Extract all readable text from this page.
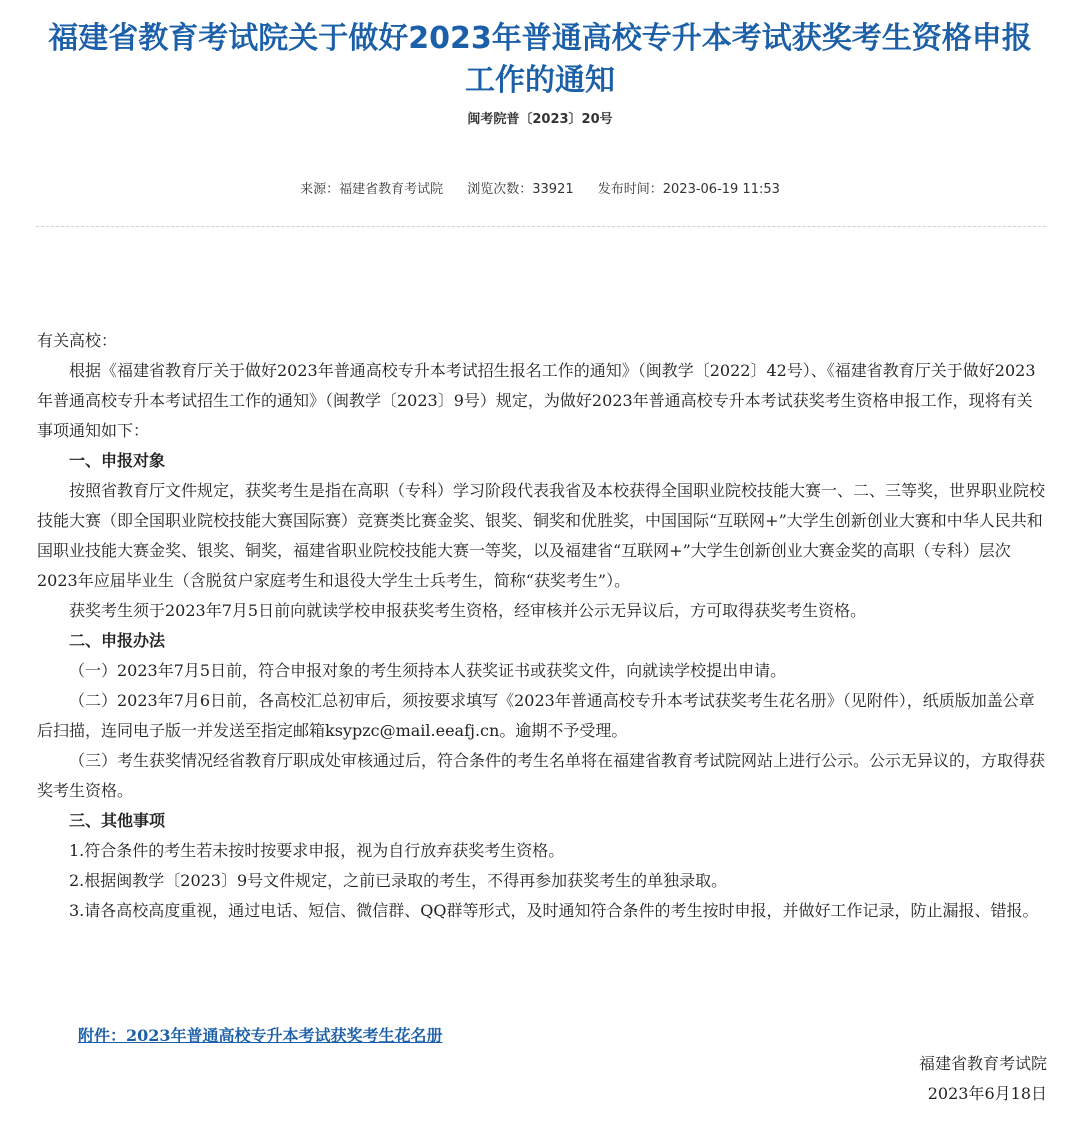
福建省教育考试院关于做好2023年普通高校专升本考试获奖考生资格申报工作的通知
闽考院普〔2023〕20号
来源：福建省教育考试院 浏览次数：33921 发布时间：2023-06-19 11:53

有关高校：

根据《福建省教育厅关于做好2023年普通高校专升本考试招生报名工作的通知》（闽教学〔2022〕42号）、《福建省教育厅关于做好2023年普通高校专升本考试招生工作的通知》（闽教学〔2023〕9号）规定，为做好2023年普通高校专升本考试获奖考生资格申报工作，现将有关事项通知如下：

一、申报对象

按照省教育厅文件规定，获奖考生是指在高职（专科）学习阶段代表我省及本校获得全国职业院校技能大赛一、二、三等奖，世界职业院校技能大赛（即全国职业院校技能大赛国际赛）竞赛类比赛金奖、银奖、铜奖和优胜奖，中国国际“互联网+”大学生创新创业大赛和中华人民共和国职业技能大赛金奖、银奖、铜奖，福建省职业院校技能大赛一等奖，以及福建省“互联网+”大学生创新创业大赛金奖的高职（专科）层次2023年应届毕业生（含脱贫户家庭考生和退役大学生士兵考生，简称“获奖考生”）。

获奖考生须于2023年7月5日前向就读学校申报获奖考生资格，经审核并公示无异议后，方可取得获奖考生资格。

二、申报办法

（一）2023年7月5日前，符合申报对象的考生须持本人获奖证书或获奖文件，向就读学校提出申请。

（二）2023年7月6日前，各高校汇总初审后，须按要求填写《2023年普通高校专升本考试获奖考生花名册》（见附件），纸质版加盖公章后扫描，连同电子版一并发送至指定邮箱ksypzc@mail.eeafj.cn。逾期不予受理。

（三）考生获奖情况经省教育厅职成处审核通过后，符合条件的考生名单将在福建省教育考试院网站上进行公示。公示无异议的，方取得获奖考生资格。

三、其他事项

1.符合条件的考生若未按时按要求申报，视为自行放弃获奖考生资格。

2.根据闽教学〔2023〕9号文件规定，之前已录取的考生，不得再参加获奖考生的单独录取。

3.请各高校高度重视，通过电话、短信、微信群、QQ群等形式，及时通知符合条件的考生按时申报，并做好工作记录，防止漏报、错报。

附件：2023年普通高校专升本考试获奖考生花名册
福建省教育考试院
2023年6月18日
